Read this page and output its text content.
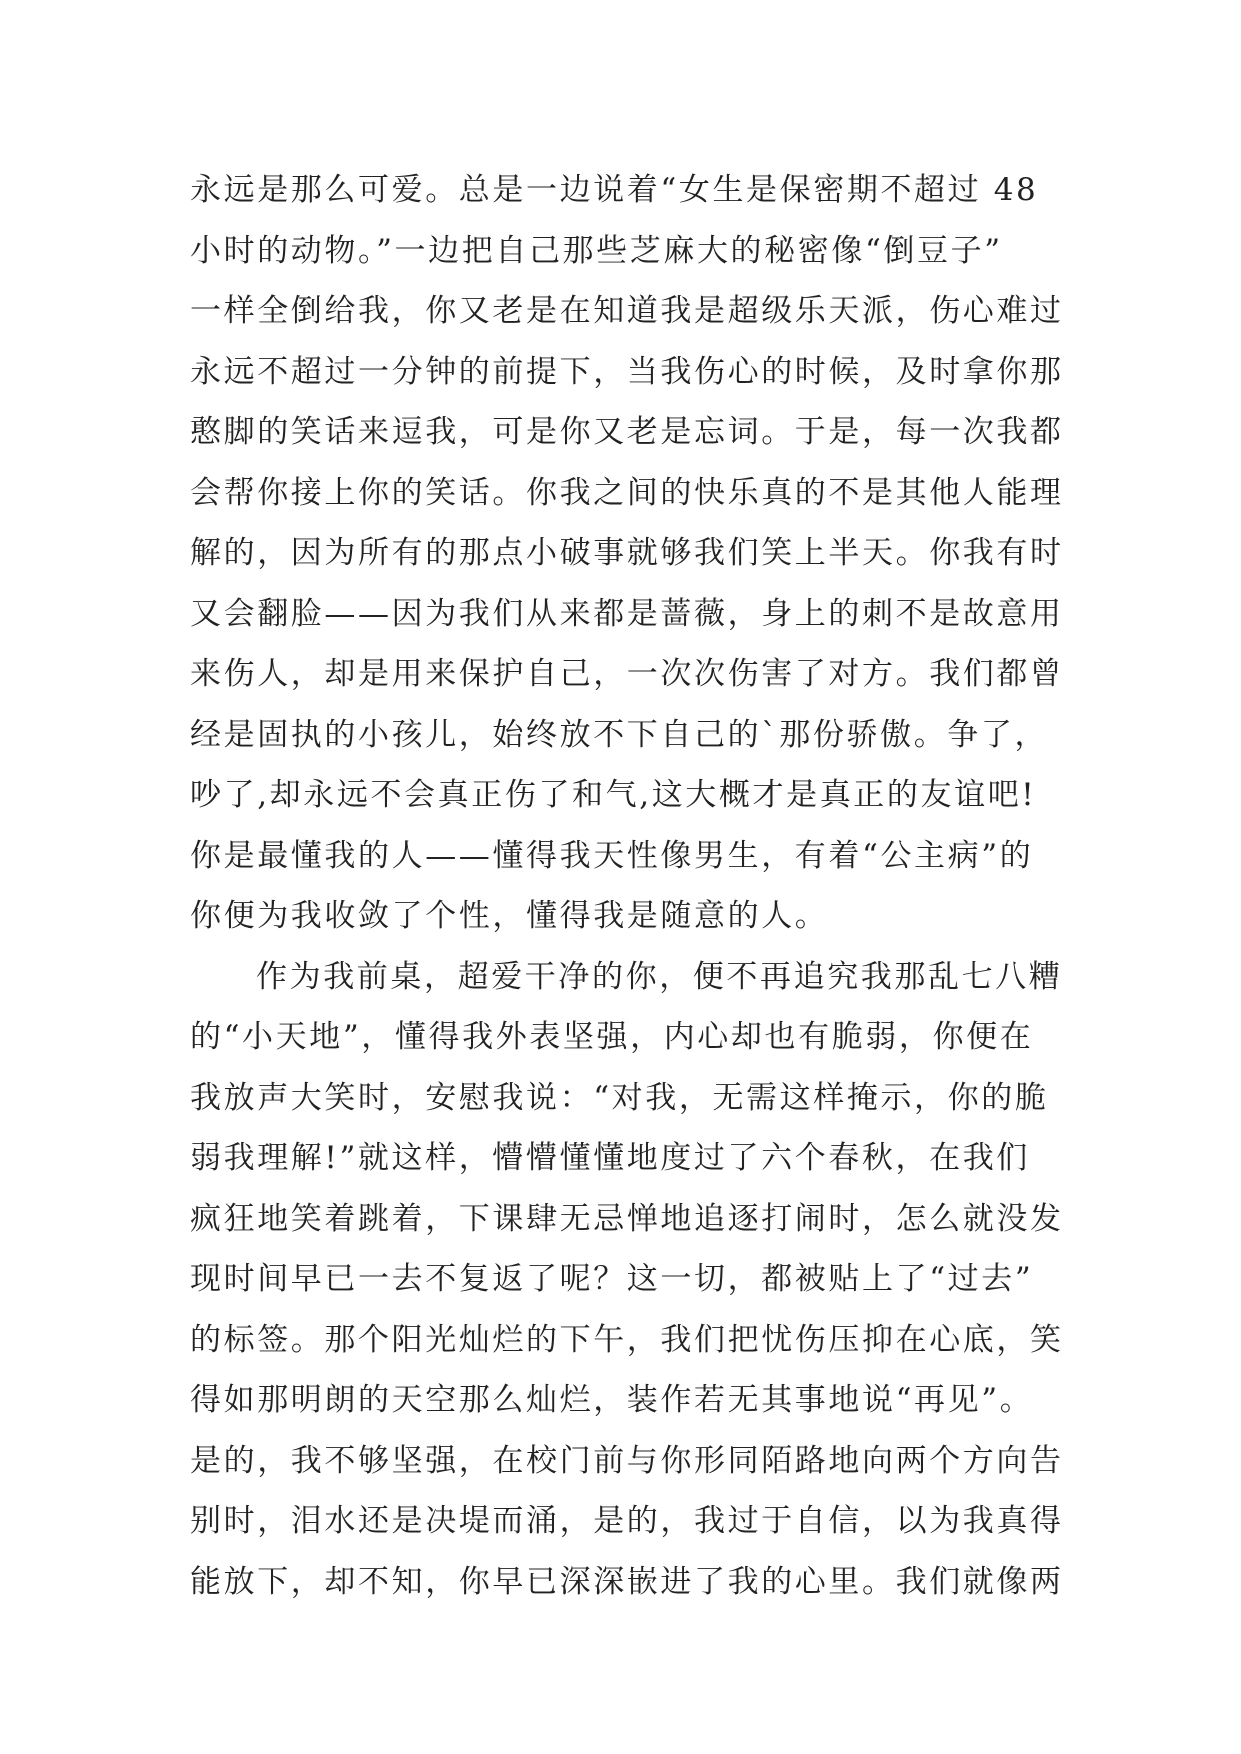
永远是那么可爱。总是一边说着“女生是保密期不超过 48
小时的动物。”一边把自己那些芝麻大的秘密像“倒豆子”
一样全倒给我，你又老是在知道我是超级乐天派，伤心难过
永远不超过一分钟的前提下，当我伤心的时候，及时拿你那
憨脚的笑话来逗我，可是你又老是忘词。于是，每一次我都
会帮你接上你的笑话。你我之间的快乐真的不是其他人能理
解的，因为所有的那点小破事就够我们笑上半天。你我有时
又会翻脸——因为我们从来都是蔷薇，身上的刺不是故意用
来伤人，却是用来保护自己，一次次伤害了对方。我们都曾
经是固执的小孩儿，始终放不下自己的`那份骄傲。争了，
吵了,却永远不会真正伤了和气,这大概才是真正的友谊吧!
你是最懂我的人——懂得我天性像男生，有着“公主病”的
你便为我收敛了个性，懂得我是随意的人。
作为我前桌，超爱干净的你，便不再追究我那乱七八糟
的“小天地”，懂得我外表坚强，内心却也有脆弱，你便在
我放声大笑时，安慰我说：“对我，无需这样掩示，你的脆
弱我理解!”就这样，懵懵懂懂地度过了六个春秋，在我们
疯狂地笑着跳着，下课肆无忌惮地追逐打闹时，怎么就没发
现时间早已一去不复返了呢？这一切，都被贴上了“过去”
的标签。那个阳光灿烂的下午，我们把忧伤压抑在心底，笑
得如那明朗的天空那么灿烂，装作若无其事地说“再见”。
是的，我不够坚强，在校门前与你形同陌路地向两个方向告
别时，泪水还是决堤而涌，是的，我过于自信，以为我真得
能放下，却不知，你早已深深嵌进了我的心里。我们就像两
